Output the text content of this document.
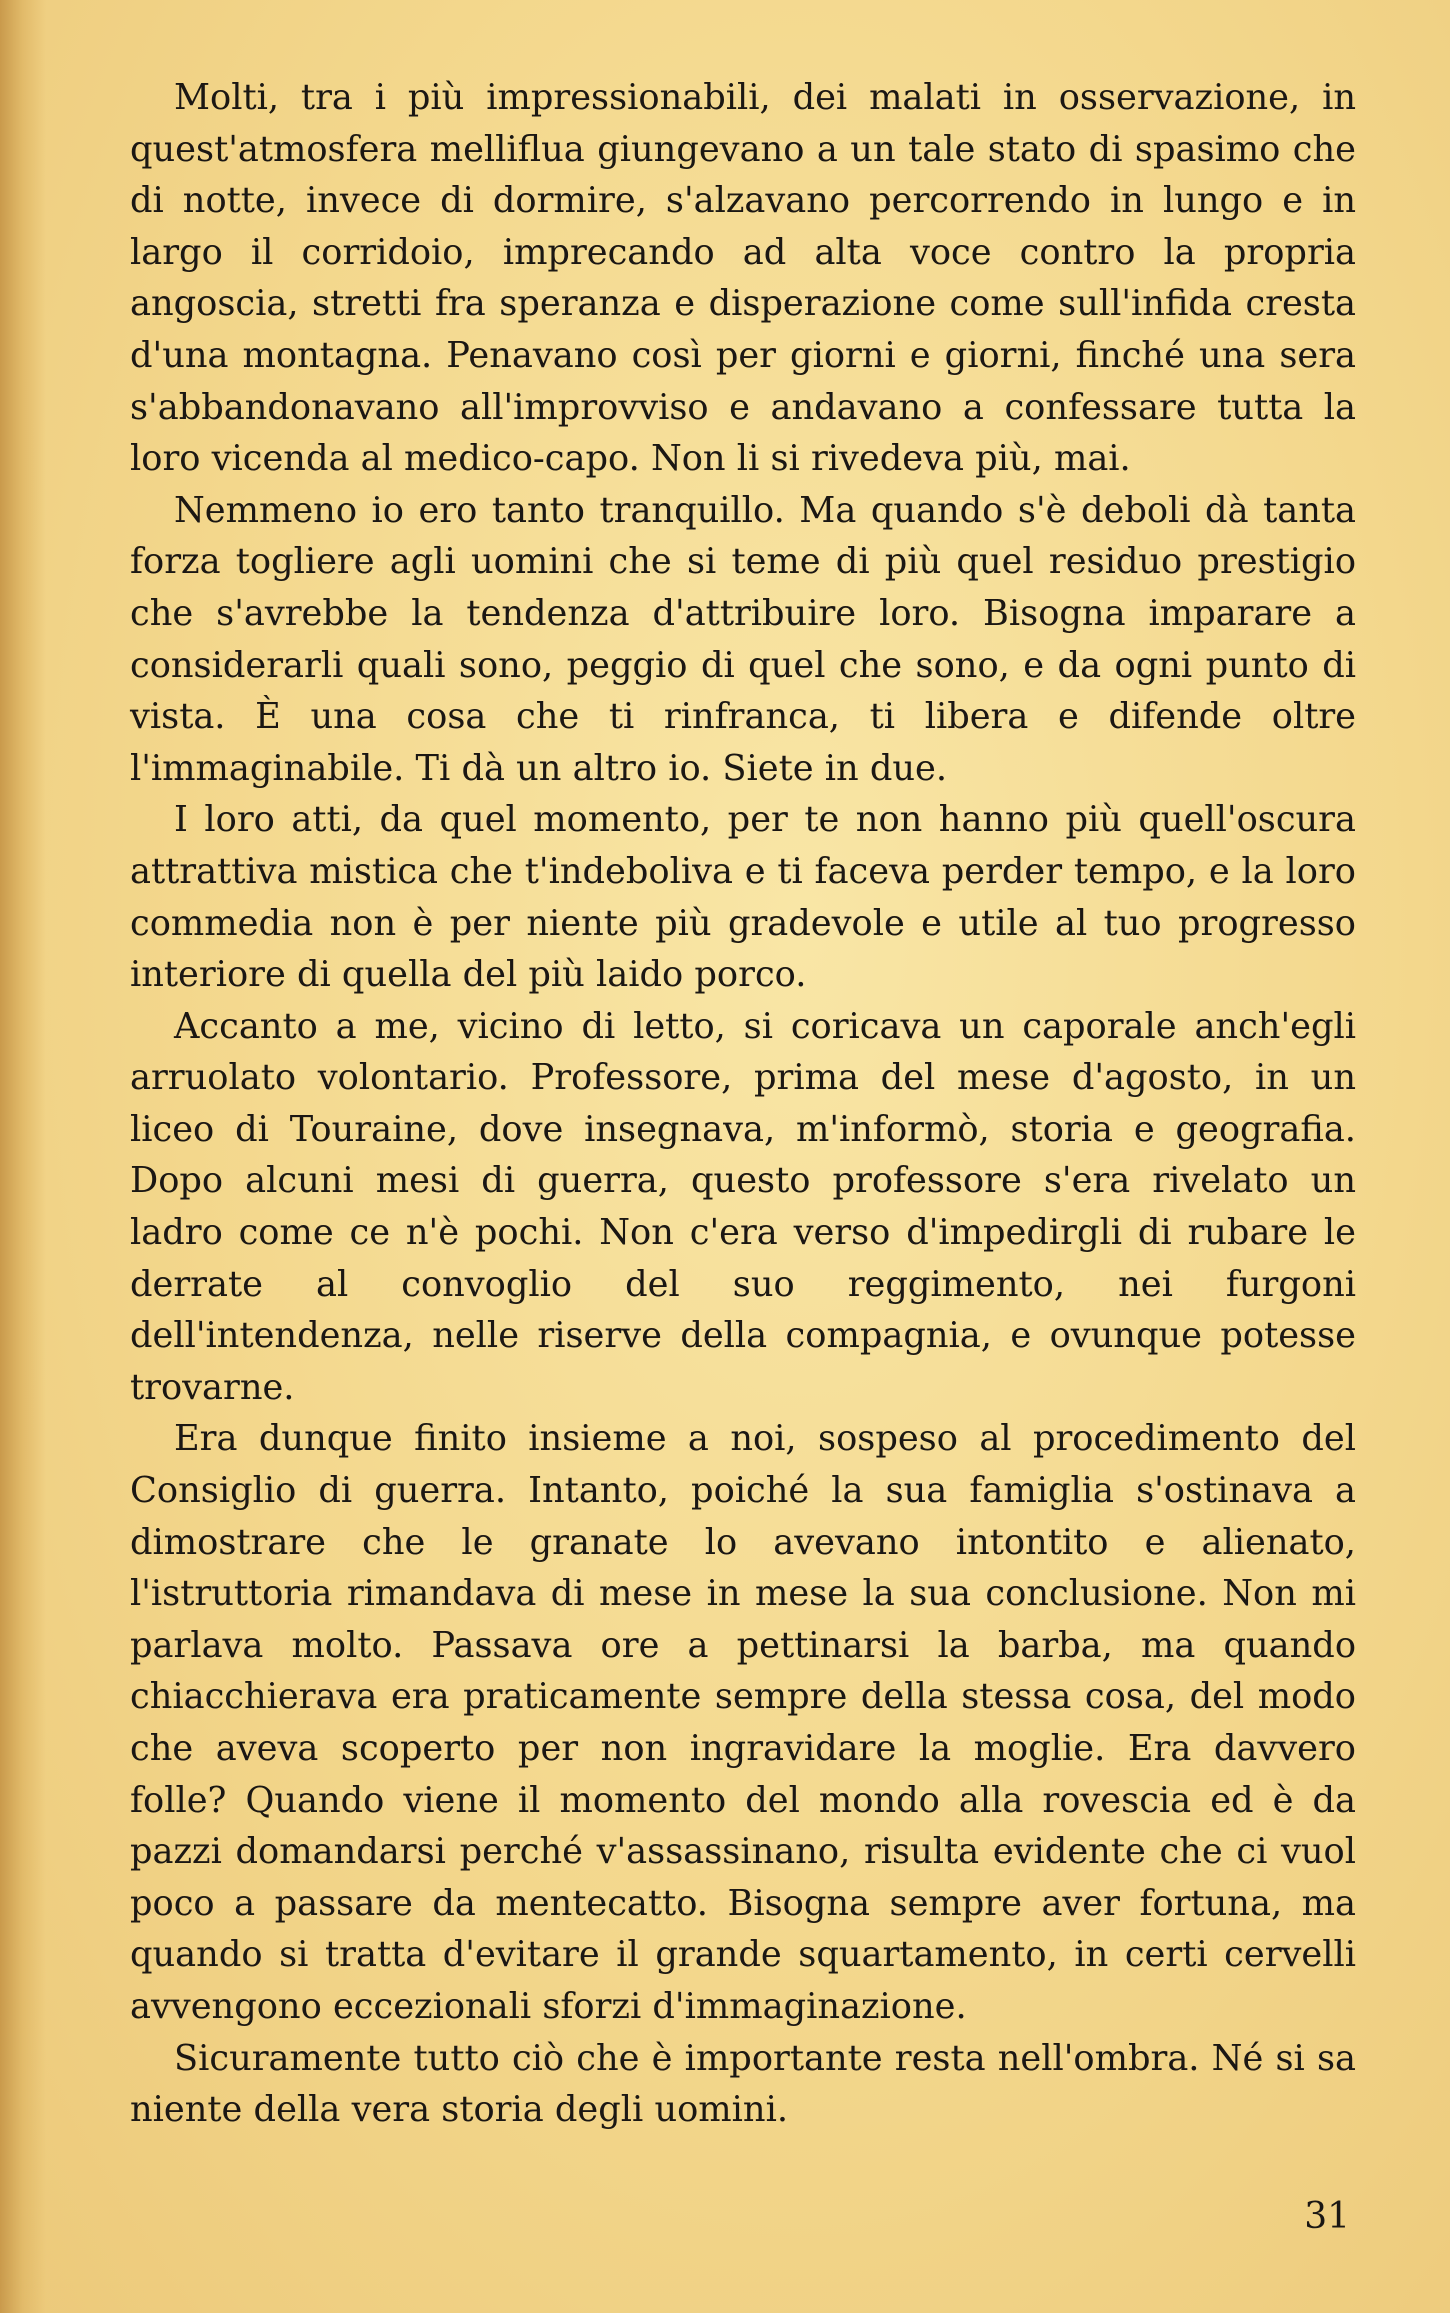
Molti, tra i più impressionabili, dei malati in osservazione, in quest'atmosfera melliflua giungevano a un tale stato di spasimo che di notte, invece di dormire, s'alzavano percorrendo in lungo e in largo il corridoio, imprecando ad alta voce contro la propria angoscia, stretti fra speranza e disperazione come sull'infida cresta d'una montagna. Penavano così per giorni e giorni, finché una sera s'abbandonavano all'improvviso e andavano a confessare tutta la loro vicenda al medico-capo. Non li si rivedeva più, mai.

Nemmeno io ero tanto tranquillo. Ma quando s'è deboli dà tanta forza togliere agli uomini che si teme di più quel residuo prestigio che s'avrebbe la tendenza d'attribuire loro. Bisogna imparare a considerarli quali sono, peggio di quel che sono, e da ogni punto di vista. È una cosa che ti rinfranca, ti libera e difende oltre l'immaginabile. Ti dà un altro io. Siete in due.

I loro atti, da quel momento, per te non hanno più quell'oscura attrattiva mistica che t'indeboliva e ti faceva perder tempo, e la loro commedia non è per niente più gradevole e utile al tuo progresso interiore di quella del più laido porco.

Accanto a me, vicino di letto, si coricava un caporale anch'egli arruolato volontario. Professore, prima del mese d'agosto, in un liceo di Touraine, dove insegnava, m'informò, storia e geografia. Dopo alcuni mesi di guerra, questo professore s'era rivelato un ladro come ce n'è pochi. Non c'era verso d'impedirgli di rubare le derrate al convoglio del suo reggimento, nei furgoni dell'intendenza, nelle riserve della compagnia, e ovunque potesse trovarne.

Era dunque finito insieme a noi, sospeso al procedimento del Consiglio di guerra. Intanto, poiché la sua famiglia s'ostinava a dimostrare che le granate lo avevano intontito e alienato, l'istruttoria rimandava di mese in mese la sua conclusione. Non mi parlava molto. Passava ore a pettinarsi la barba, ma quando chiacchierava era praticamente sempre della stessa cosa, del modo che aveva scoperto per non ingravidare la moglie. Era davvero folle? Quando viene il momento del mondo alla rovescia ed è da pazzi domandarsi perché v'assassinano, risulta evidente che ci vuol poco a passare da mentecatto. Bisogna sempre aver fortuna, ma quando si tratta d'evitare il grande squartamento, in certi cervelli avvengono eccezionali sforzi d'immaginazione.

Sicuramente tutto ciò che è importante resta nell'ombra. Né si sa niente della vera storia degli uomini.

31
